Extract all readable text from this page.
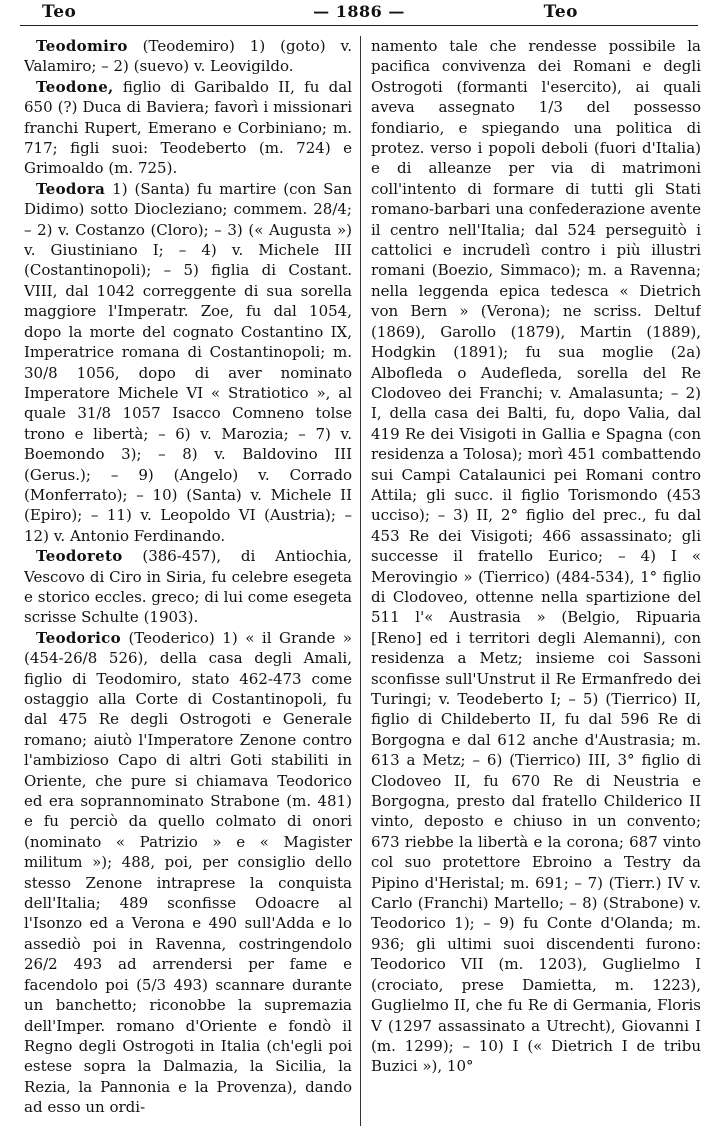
Teo	— 1886 —	Teo

Teodomiro (Teodemiro) 1) (goto) v. Valamiro; – 2) (suevo) v. Leovigildo.

Teodone, figlio di Garibaldo II, fu dal 650 (?) Duca di Baviera; favorì i missionari franchi Rupert, Emerano e Corbiniano; m. 717; figli suoi: Teodeberto (m. 724) e Grimoaldo (m. 725).

Teodora 1) (Santa) fu martire (con San Didimo) sotto Diocleziano; commem. 28/4; – 2) v. Costanzo (Cloro); – 3) (« Augusta ») v. Giustiniano I; – 4) v. Michele III (Costantinopoli); – 5) figlia di Costant. VIII, dal 1042 correggente di sua sorella maggiore l'Imperatr. Zoe, fu dal 1054, dopo la morte del cognato Costantino IX, Imperatrice romana di Costantinopoli; m. 30/8 1056, dopo di aver nominato Imperatore Michele VI « Stratiotico », al quale 31/8 1057 Isacco Comneno tolse trono e libertà; – 6) v. Marozia; – 7) v. Boemondo 3); – 8) v. Baldovino III (Gerus.); – 9) (Angelo) v. Corrado (Monferrato); – 10) (Santa) v. Michele II (Epiro); – 11) v. Leopoldo VI (Austria); – 12) v. Antonio Ferdinando.

Teodoreto (386-457), di Antiochia, Vescovo di Ciro in Siria, fu celebre esegeta e storico eccles. greco; di lui come esegeta scrisse Schulte (1903).

Teodorico (Teoderico) 1) « il Grande » (454-26/8 526), della casa degli Amali, figlio di Teodomiro, stato 462-473 come ostaggio alla Corte di Costantinopoli, fu dal 475 Re degli Ostrogoti e Generale romano; aiutò l'Imperatore Zenone contro l'ambizioso Capo di altri Goti stabiliti in Oriente, che pure si chiamava Teodorico ed era soprannominato Strabone (m. 481) e fu perciò da quello colmato di onori (nominato « Patrizio » e « Magister militum »); 488, poi, per consiglio dello stesso Zenone intraprese la conquista dell'Italia; 489 sconfisse Odoacre al l'Isonzo ed a Verona e 490 sull'Adda e lo assediò poi in Ravenna, costringendolo 26/2 493 ad arrendersi per fame e facendolo poi (5/3 493) scannare durante un banchetto; riconobbe la supremazia dell'Imper. romano d'Oriente e fondò il Regno degli Ostrogoti in Italia (ch'egli poi estese sopra la Dalmazia, la Sicilia, la Rezia, la Pannonia e la Provenza), dando ad esso un ordi-

namento tale che rendesse possibile la pacifica convivenza dei Romani e degli Ostrogoti (formanti l'esercito), ai quali aveva assegnato 1/3 del possesso fondiario, e spiegando una politica di protez. verso i popoli deboli (fuori d'Italia) e di alleanze per via di matrimoni coll'intento di formare di tutti gli Stati romano-barbari una confederazione avente il centro nell'Italia; dal 524 perseguitò i cattolici e incrudelì contro i più illustri romani (Boezio, Simmaco); m. a Ravenna; nella leggenda epica tedesca « Dietrich von Bern » (Verona); ne scriss. Deltuf (1869), Garollo (1879), Martin (1889), Hodgkin (1891); fu sua moglie (2a) Albofleda o Audefleda, sorella del Re Clodoveo dei Franchi; v. Amalasunta; – 2) I, della casa dei Balti, fu, dopo Valia, dal 419 Re dei Visigoti in Gallia e Spagna (con residenza a Tolosa); morì 451 combattendo sui Campi Catalaunici pei Romani contro Attila; gli succ. il figlio Torismondo (453 ucciso); – 3) II, 2° figlio del prec., fu dal 453 Re dei Visigoti; 466 assassinato; gli successe il fratello Eurico; – 4) I « Merovingio » (Tierrico) (484-534), 1° figlio di Clodoveo, ottenne nella spartizione del 511 l'« Austrasia » (Belgio, Ripuaria [Reno] ed i territori degli Alemanni), con residenza a Metz; insieme coi Sassoni sconfisse sull'Unstrut il Re Ermanfredo dei Turingi; v. Teodeberto I; – 5) (Tierrico) II, figlio di Childeberto II, fu dal 596 Re di Borgogna e dal 612 anche d'Austrasia; m. 613 a Metz; – 6) (Tierrico) III, 3° figlio di Clodoveo II, fu 670 Re di Neustria e Borgogna, presto dal fratello Childerico II vinto, deposto e chiuso in un convento; 673 riebbe la libertà e la corona; 687 vinto col suo protettore Ebroino a Testry da Pipino d'Heristal; m. 691; – 7) (Tierr.) IV v. Carlo (Franchi) Martello; – 8) (Strabone) v. Teodorico 1); – 9) fu Conte d'Olanda; m. 936; gli ultimi suoi discendenti furono: Teodorico VII (m. 1203), Guglielmo I (crociato, prese Damietta, m. 1223), Guglielmo II, che fu Re di Germania, Floris V (1297 assassinato a Utrecht), Giovanni I (m. 1299); – 10) I (« Dietrich I de tribu Buzici »), 10°
